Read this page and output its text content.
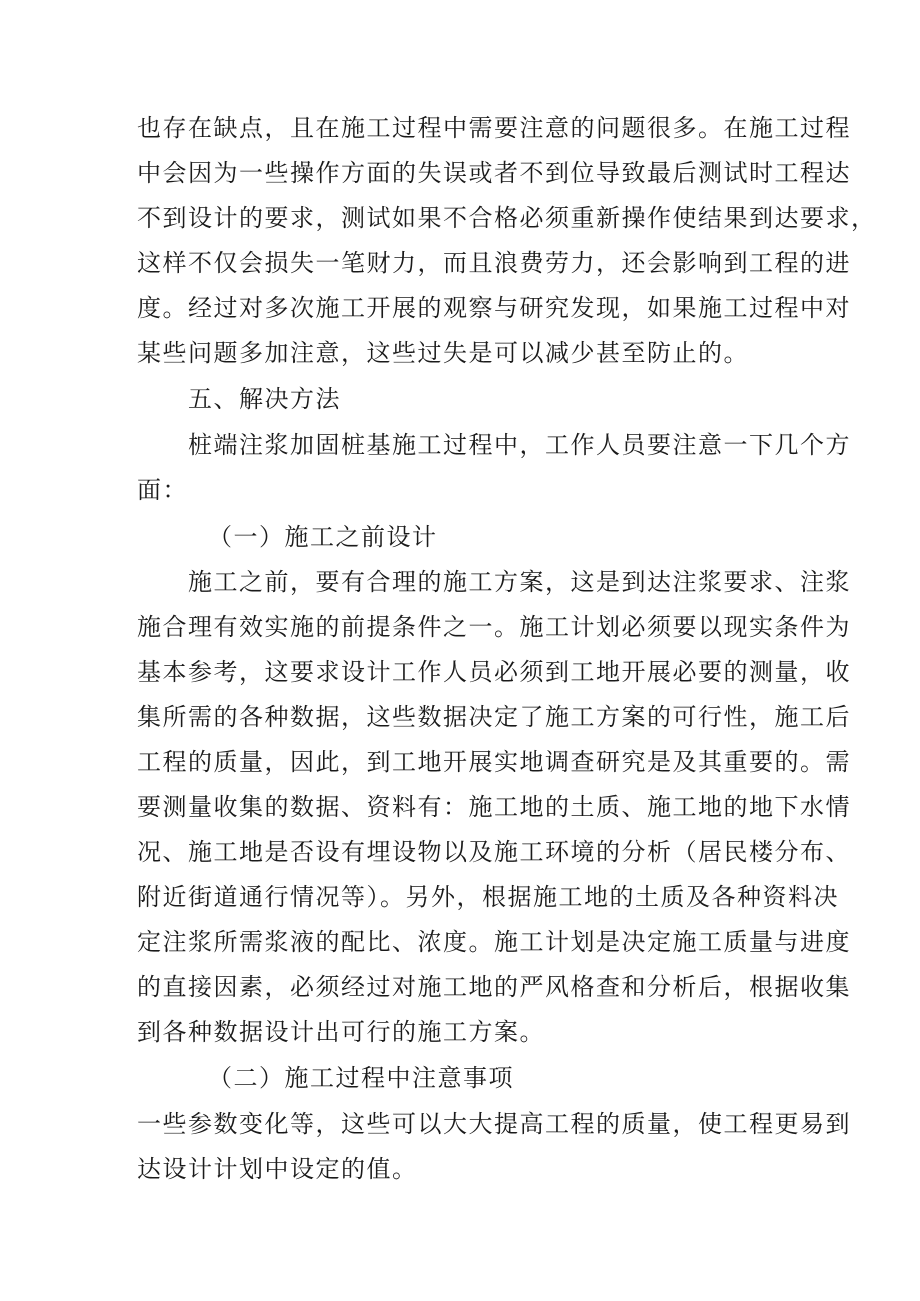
也存在缺点，且在施工过程中需要注意的问题很多。在施工过程
中会因为一些操作方面的失误或者不到位导致最后测试时工程达
不到设计的要求，测试如果不合格必须重新操作使结果到达要求，
这样不仅会损失一笔财力，而且浪费劳力，还会影响到工程的进
度。经过对多次施工开展的观察与研究发现，如果施工过程中对
某些问题多加注意，这些过失是可以减少甚至防止的。
五、解决方法
桩端注浆加固桩基施工过程中，工作人员要注意一下几个方
面：
（一）施工之前设计
施工之前，要有合理的施工方案，这是到达注浆要求、注浆
施合理有效实施的前提条件之一。施工计划必须要以现实条件为
基本参考，这要求设计工作人员必须到工地开展必要的测量，收
集所需的各种数据，这些数据决定了施工方案的可行性，施工后
工程的质量，因此，到工地开展实地调查研究是及其重要的。需
要测量收集的数据、资料有：施工地的土质、施工地的地下水情
况、施工地是否设有埋设物以及施工环境的分析（居民楼分布、
附近街道通行情况等）。另外，根据施工地的土质及各种资料决
定注浆所需浆液的配比、浓度。施工计划是决定施工质量与进度
的直接因素，必须经过对施工地的严风格查和分析后，根据收集
到各种数据设计出可行的施工方案。
（二）施工过程中注意事项
一些参数变化等，这些可以大大提高工程的质量，使工程更易到
达设计计划中设定的值。
